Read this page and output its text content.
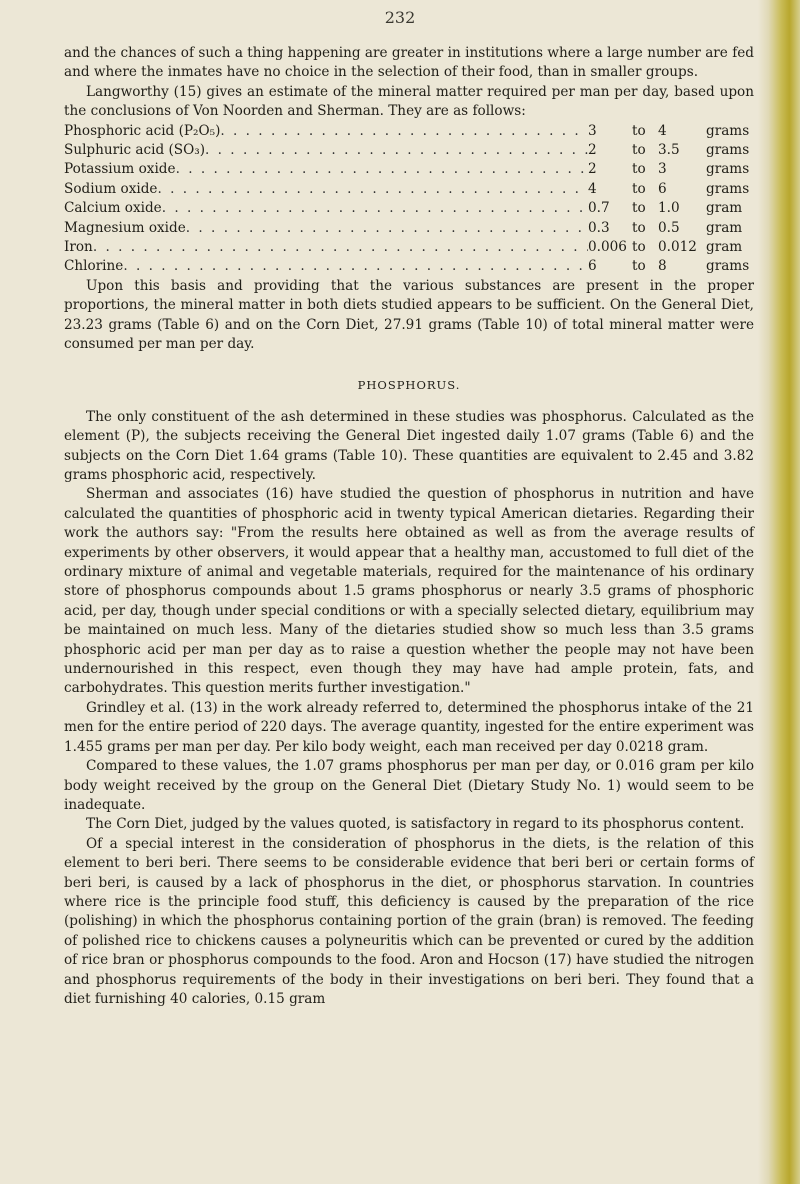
232

and the chances of such a thing happening are greater in institutions where a large number are fed and where the inmates have no choice in the selection of their food, than in smaller groups.

Langworthy (15) gives an estimate of the mineral matter required per man per day, based upon the conclusions of Von Noorden and Sherman. They are as follows:

Phosphoric acid (P₂O₅) . . .	3	to 4	grams
Sulphuric acid (SO₃) . . .	2	to 3.5	grams
Potassium oxide . . .	2	to 3	grams
Sodium oxide . . .	4	to 6	grams
Calcium oxide . . .	0.7	to 1.0	gram
Magnesium oxide . . .	0.3	to 0.5	gram
Iron . . .	0.006 to 0.012 gram
Chlorine . . .	6	to 8	grams

Upon this basis and providing that the various substances are present in the proper proportions, the mineral matter in both diets studied appears to be sufficient. On the General Diet, 23.23 grams (Table 6) and on the Corn Diet, 27.91 grams (Table 10) of total mineral matter were consumed per man per day.

PHOSPHORUS.

The only constituent of the ash determined in these studies was phosphorus. Calculated as the element (P), the subjects receiving the General Diet ingested daily 1.07 grams (Table 6) and the subjects on the Corn Diet 1.64 grams (Table 10). These quantities are equivalent to 2.45 and 3.82 grams phosphoric acid, respectively.

Sherman and associates (16) have studied the question of phosphorus in nutrition and have calculated the quantities of phosphoric acid in twenty typical American dietaries. Regarding their work the authors say: "From the results here obtained as well as from the average results of experiments by other observers, it would appear that a healthy man, accustomed to full diet of the ordinary mixture of animal and vegetable materials, required for the maintenance of his ordinary store of phosphorus compounds about 1.5 grams phosphorus or nearly 3.5 grams of phosphoric acid, per day, though under special conditions or with a specially selected dietary, equilibrium may be maintained on much less. Many of the dietaries studied show so much less than 3.5 grams phosphoric acid per man per day as to raise a question whether the people may not have been undernourished in this respect, even though they may have had ample protein, fats, and carbohydrates. This question merits further investigation."

Grindley et al. (13) in the work already referred to, determined the phosphorus intake of the 21 men for the entire period of 220 days. The average quantity, ingested for the entire experiment was 1.455 grams per man per day. Per kilo body weight, each man received per day 0.0218 gram.

Compared to these values, the 1.07 grams phosphorus per man per day, or 0.016 gram per kilo body weight received by the group on the General Diet (Dietary Study No. 1) would seem to be inadequate.

The Corn Diet, judged by the values quoted, is satisfactory in regard to its phosphorus content.

Of a special interest in the consideration of phosphorus in the diets, is the relation of this element to beri beri. There seems to be considerable evidence that beri beri or certain forms of beri beri, is caused by a lack of phosphorus in the diet, or phosphorus starvation. In countries where rice is the principle food stuff, this deficiency is caused by the preparation of the rice (polishing) in which the phosphorus containing portion of the grain (bran) is removed. The feeding of polished rice to chickens causes a polyneuritis which can be prevented or cured by the addition of rice bran or phosphorus compounds to the food. Aron and Hocson (17) have studied the nitrogen and phosphorus requirements of the body in their investigations on beri beri. They found that a diet furnishing 40 calories, 0.15 gram
